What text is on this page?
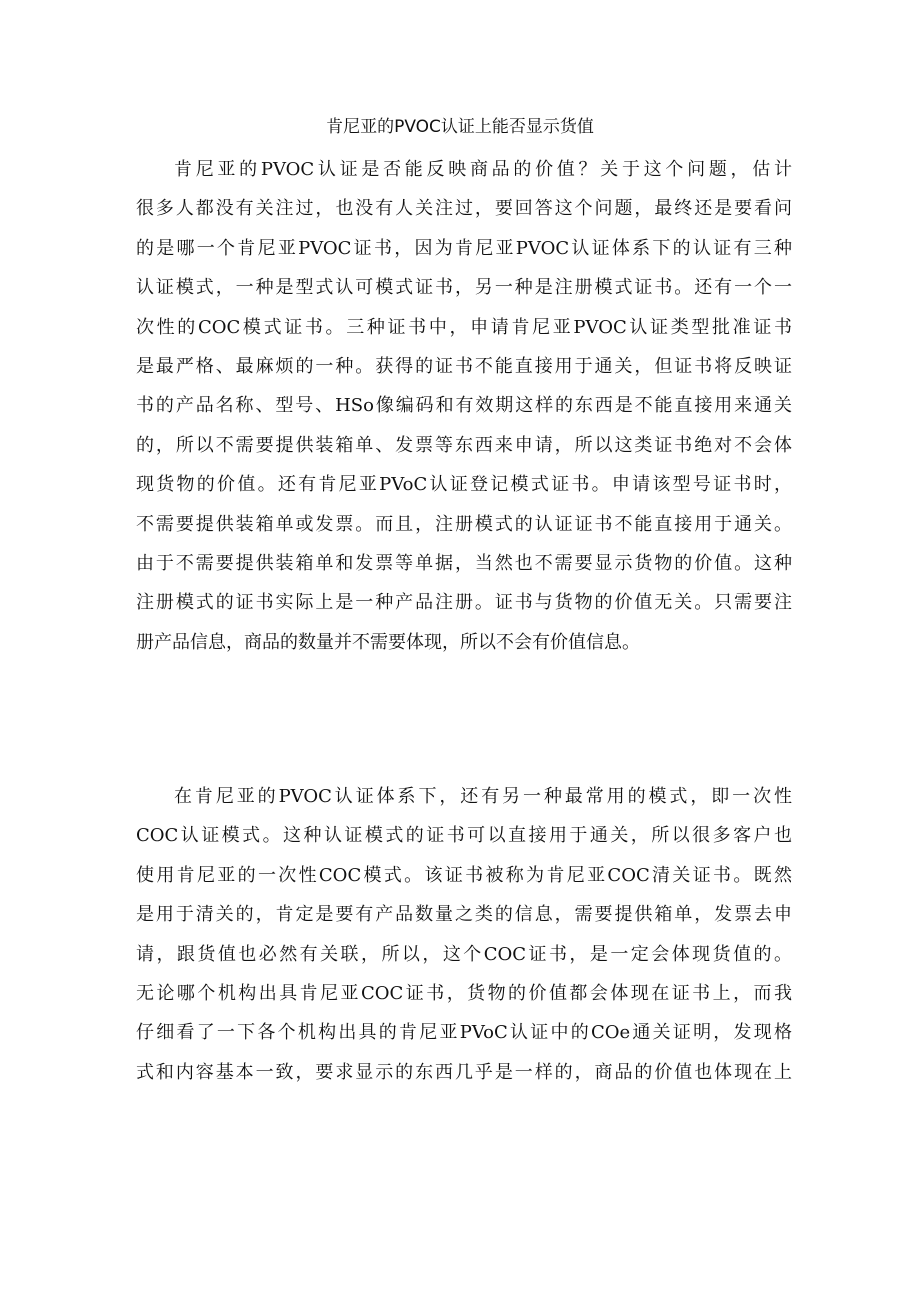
肯尼亚的PVOC认证上能否显示货值
肯尼亚的PVOC认证是否能反映商品的价值？关于这个问题，估计
很多人都没有关注过，也没有人关注过，要回答这个问题，最终还是要看问
的是哪一个肯尼亚PVOC证书，因为肯尼亚PVOC认证体系下的认证有三种
认证模式，一种是型式认可模式证书，另一种是注册模式证书。还有一个一
次性的COC模式证书。三种证书中，申请肯尼亚PVOC认证类型批准证书
是最严格、最麻烦的一种。获得的证书不能直接用于通关，但证书将反映证
书的产品名称、型号、HSo像编码和有效期这样的东西是不能直接用来通关
的，所以不需要提供装箱单、发票等东西来申请，所以这类证书绝对不会体
现货物的价值。还有肯尼亚PVoC认证登记模式证书。申请该型号证书时，
不需要提供装箱单或发票。而且，注册模式的认证证书不能直接用于通关。
由于不需要提供装箱单和发票等单据，当然也不需要显示货物的价值。这种
注册模式的证书实际上是一种产品注册。证书与货物的价值无关。只需要注
册产品信息，商品的数量并不需要体现，所以不会有价值信息。
在肯尼亚的PVOC认证体系下，还有另一种最常用的模式，即一次性
COC认证模式。这种认证模式的证书可以直接用于通关，所以很多客户也
使用肯尼亚的一次性COC模式。该证书被称为肯尼亚COC清关证书。既然
是用于清关的，肯定是要有产品数量之类的信息，需要提供箱单，发票去申
请，跟货值也必然有关联，所以，这个COC证书，是一定会体现货值的。
无论哪个机构出具肯尼亚COC证书，货物的价值都会体现在证书上，而我
仔细看了一下各个机构出具的肯尼亚PVoC认证中的COe通关证明，发现格
式和内容基本一致，要求显示的东西几乎是一样的，商品的价值也体现在上
